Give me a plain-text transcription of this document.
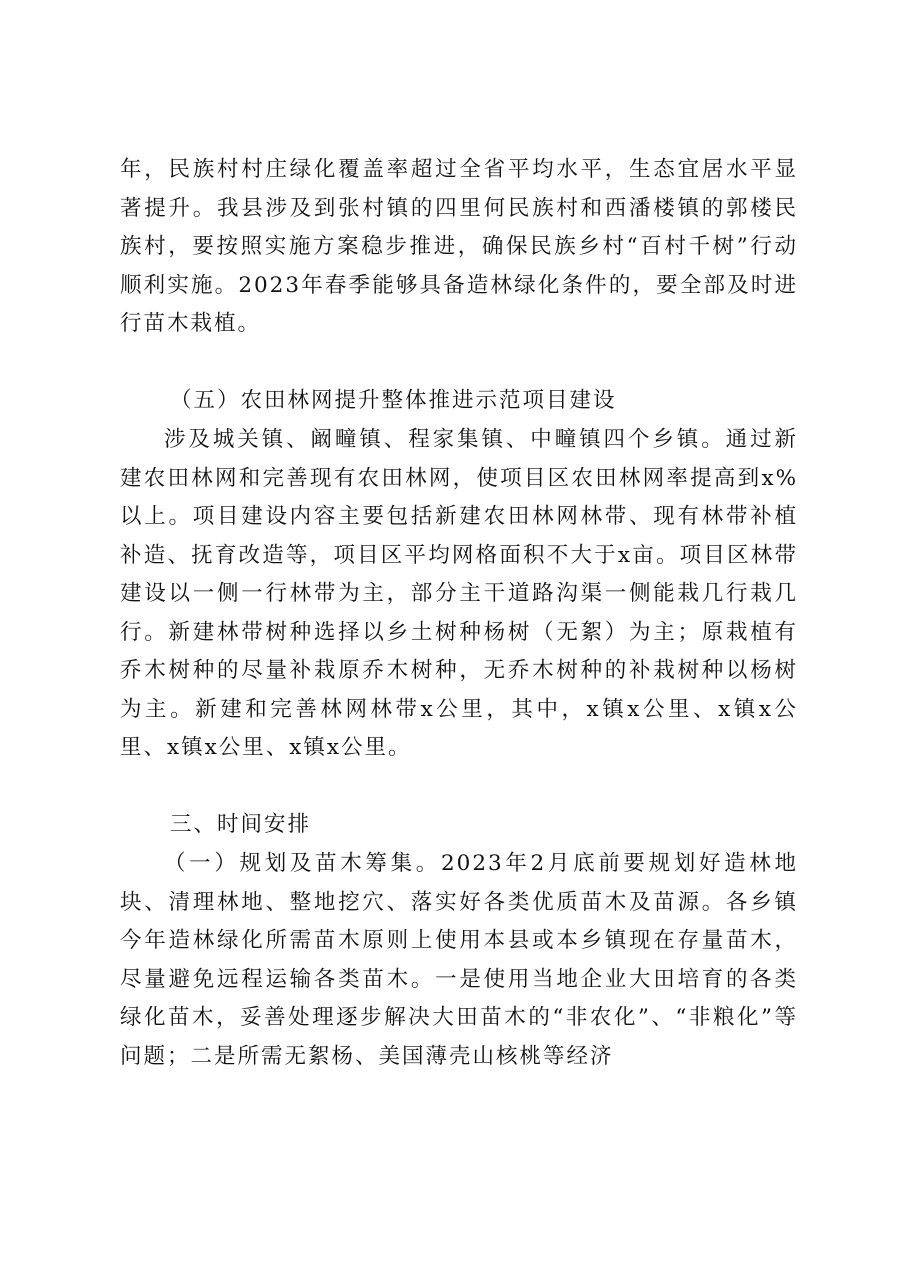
年，民族村村庄绿化覆盖率超过全省平均水平，生态宜居水平显著提升。我县涉及到张村镇的四里何民族村和西潘楼镇的郭楼民族村，要按照实施方案稳步推进，确保民族乡村“百村千树”行动顺利实施。2023年春季能够具备造林绿化条件的，要全部及时进行苗木栽植。

（五）农田林网提升整体推进示范项目建设

涉及城关镇、阚疃镇、程家集镇、中疃镇四个乡镇。通过新建农田林网和完善现有农田林网，使项目区农田林网率提高到x%以上。项目建设内容主要包括新建农田林网林带、现有林带补植补造、抚育改造等，项目区平均网格面积不大于x亩。项目区林带建设以一侧一行林带为主，部分主干道路沟渠一侧能栽几行栽几行。新建林带树种选择以乡土树种杨树（无絮）为主；原栽植有乔木树种的尽量补栽原乔木树种，无乔木树种的补栽树种以杨树为主。新建和完善林网林带x公里，其中，x镇x公里、x镇x公里、x镇x公里、x镇x公里。

三、时间安排

（一）规划及苗木筹集。2023年2月底前要规划好造林地块、清理林地、整地挖穴、落实好各类优质苗木及苗源。各乡镇今年造林绿化所需苗木原则上使用本县或本乡镇现在存量苗木，尽量避免远程运输各类苗木。一是使用当地企业大田培育的各类绿化苗木，妥善处理逐步解决大田苗木的“非农化”、“非粮化”等问题；二是所需无絮杨、美国薄壳山核桃等经济
